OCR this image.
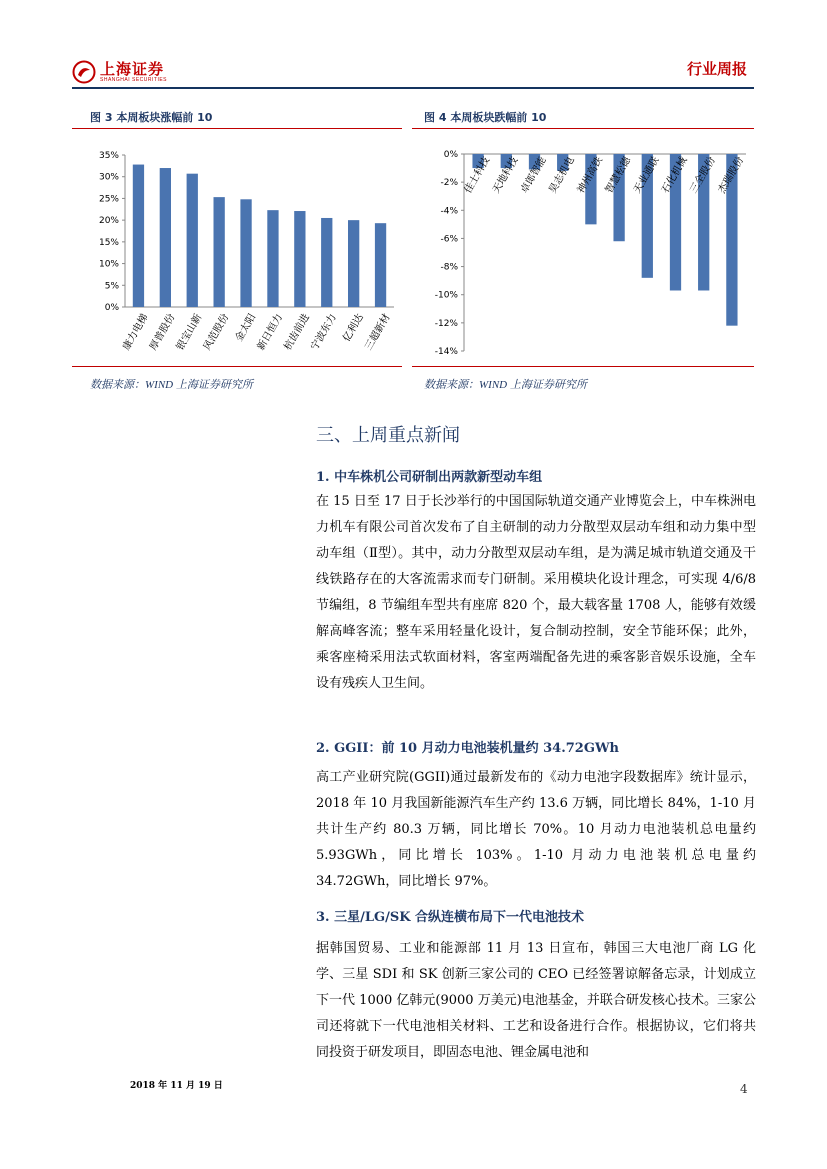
上海证券
SHANGHAI SECURITIES
行业周报
图 3 本周板块涨幅前 10
35%
30%
25%
20%
15%
10%
5%
0%
康力电梯
厚普股份
银宝山新
风范股份 金太阳
新日恒力
杭齿前进
宁波东力 亿利达
三超新材
数据来源：WIND 上海证券研究所
图 4 本周板块跌幅前 10
0%
-2%
-4%
-6%
-8%
-10%
-12%
-14%
佳士科技
天地科技
卓郎智能
昊志机电
神州高铁
智慧松德
天业通联
石化机械
三全股份
杰瑞股份
数据来源：WIND 上海证券研究所
三、上周重点新闻
1. 中车株机公司研制出两款新型动车组
在 15 日至 17 日于长沙举行的中国国际轨道交通产业博览会上，中车株洲电力机车有限公司首次发布了自主研制的动力分散型双层动车组和动力集中型动车组（Ⅱ型）。其中，动力分散型双层动车组，是为满足城市轨道交通及干线铁路存在的大客流需求而专门研制。采用模块化设计理念，可实现 4/6/8 节编组，8 节编组车型共有座席 820 个，最大载客量 1708 人，能够有效缓解高峰客流；整车采用轻量化设计，复合制动控制，安全节能环保；此外，乘客座椅采用法式软面材料，客室两端配备先进的乘客影音娱乐设施，全车设有残疾人卫生间。
2. GGII：前 10 月动力电池装机量约 34.72GWh
高工产业研究院(GGII)通过最新发布的《动力电池字段数据库》统计显示，2018 年 10 月我国新能源汽车生产约 13.6 万辆，同比增长 84%，1-10 月共计生产约 80.3 万辆，同比增长 70%。10 月动力电池装机总电量约 5.93GWh，同比增长 103%。1-10 月动力电池装机总电量约 34.72GWh，同比增长 97%。
3. 三星/LG/SK 合纵连横布局下一代电池技术
据韩国贸易、工业和能源部 11 月 13 日宣布，韩国三大电池厂商 LG 化学、三星 SDI 和 SK 创新三家公司的 CEO 已经签署谅解备忘录，计划成立下一代 1000 亿韩元(9000 万美元)电池基金，并联合研发核心技术。三家公司还将就下一代电池相关材料、工艺和设备进行合作。根据协议，它们将共同投资于研发项目，即固态电池、锂金属电池和
2018 年 11 月 19 日	4
